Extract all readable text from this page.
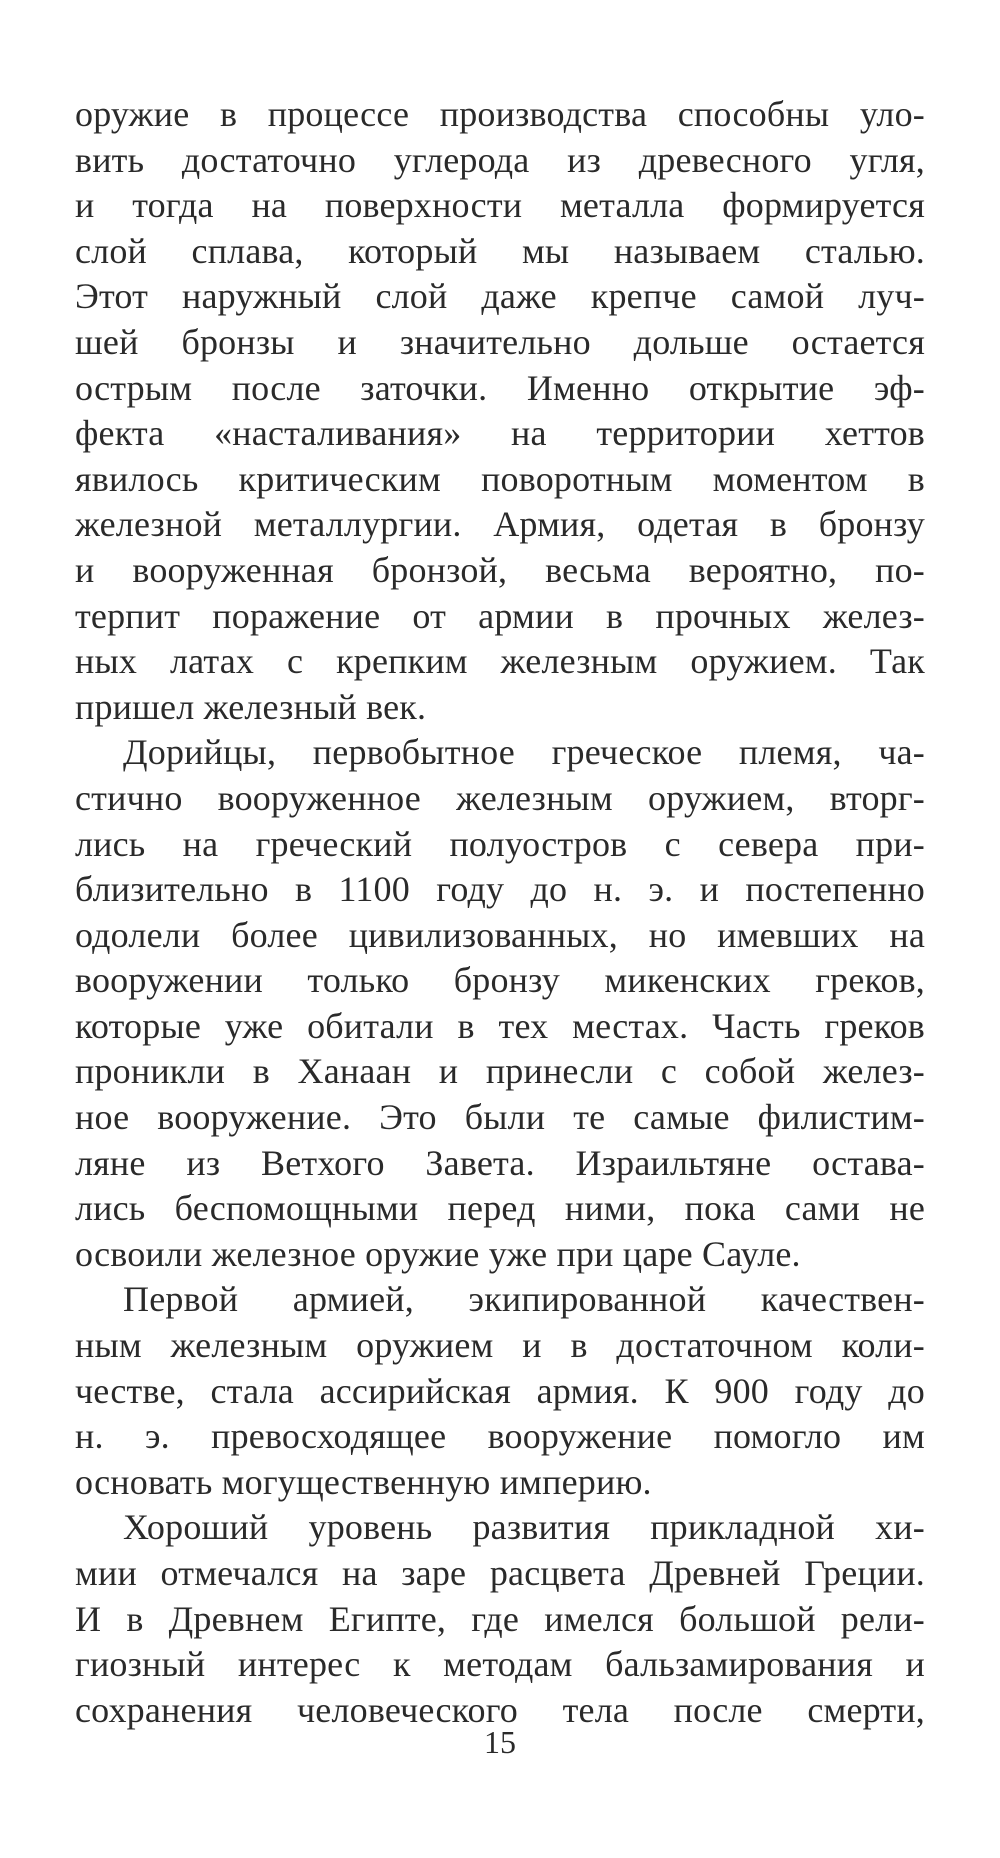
оружие в процессе производства способны уло-
вить достаточно углерода из древесного угля,
и тогда на поверхности металла формируется
слой сплава, который мы называем сталью.
Этот наружный слой даже крепче самой луч-
шей бронзы и значительно дольше остается
острым после заточки. Именно открытие эф-
фекта «насталивания» на территории хеттов
явилось критическим поворотным моментом в
железной металлургии. Армия, одетая в бронзу
и вооруженная бронзой, весьма вероятно, по-
терпит поражение от армии в прочных желез-
ных латах с крепким железным оружием. Так
пришел железный век.
Дорийцы, первобытное греческое племя, ча-
стично вооруженное железным оружием, вторг-
лись на греческий полуостров с севера при-
близительно в 1100 году до н. э. и постепенно
одолели более цивилизованных, но имевших на
вооружении только бронзу микенских греков,
которые уже обитали в тех местах. Часть греков
проникли в Ханаан и принесли с собой желез-
ное вооружение. Это были те самые филистим-
ляне из Ветхого Завета. Израильтяне остава-
лись беспомощными перед ними, пока сами не
освоили железное оружие уже при царе Сауле.
Первой армией, экипированной качествен-
ным железным оружием и в достаточном коли-
честве, стала ассирийская армия. К 900 году до
н. э. превосходящее вооружение помогло им
основать могущественную империю.
Хороший уровень развития прикладной хи-
мии отмечался на заре расцвета Древней Греции.
И в Древнем Египте, где имелся большой рели-
гиозный интерес к методам бальзамирования и
сохранения человеческого тела после смерти,
15
